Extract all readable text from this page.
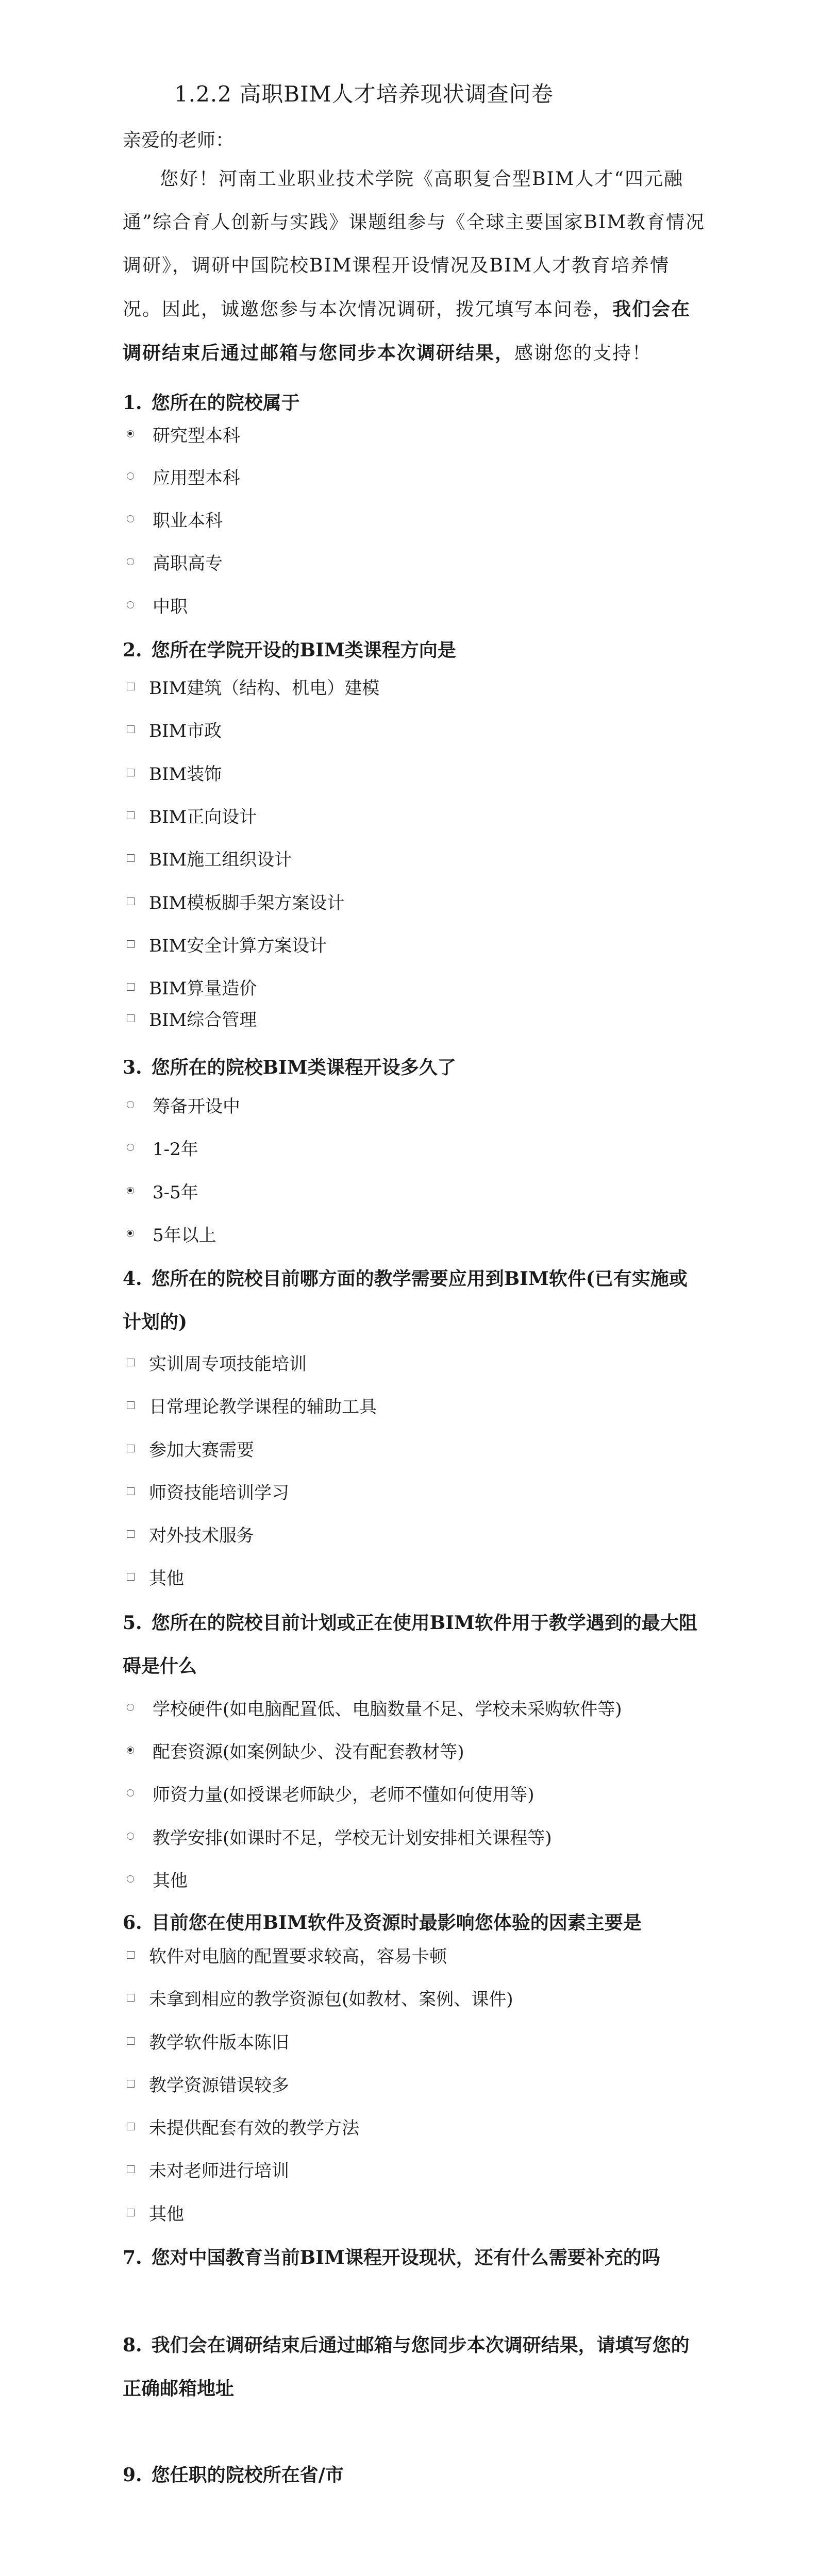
1.2.2 高职BIM人才培养现状调查问卷
亲爱的老师：
您好！河南工业职业技术学院《高职复合型BIM人才“四元融通”综合育人创新与实践》课题组参与《全球主要国家BIM教育情况调研》，调研中国院校BIM课程开设情况及BIM人才教育培养情况。因此，诚邀您参与本次情况调研，拨冗填写本问卷，我们会在调研结束后通过邮箱与您同步本次调研结果，感谢您的支持！
1. 您所在的院校属于
研究型本科
应用型本科
职业本科
高职高专
中职
2. 您所在学院开设的BIM类课程方向是
BIM建筑（结构、机电）建模
BIM市政
BIM装饰
BIM正向设计
BIM施工组织设计
BIM模板脚手架方案设计
BIM安全计算方案设计
BIM算量造价
BIM综合管理
3. 您所在的院校BIM类课程开设多久了
筹备开设中
1-2年
3-5年
5年以上
4. 您所在的院校目前哪方面的教学需要应用到BIM软件(已有实施或计划的)
实训周专项技能培训
日常理论教学课程的辅助工具
参加大赛需要
师资技能培训学习
对外技术服务
其他
5. 您所在的院校目前计划或正在使用BIM软件用于教学遇到的最大阻碍是什么
学校硬件(如电脑配置低、电脑数量不足、学校未采购软件等)
配套资源(如案例缺少、没有配套教材等)
师资力量(如授课老师缺少，老师不懂如何使用等)
教学安排(如课时不足，学校无计划安排相关课程等)
其他
6. 目前您在使用BIM软件及资源时最影响您体验的因素主要是
软件对电脑的配置要求较高，容易卡顿
未拿到相应的教学资源包(如教材、案例、课件)
教学软件版本陈旧
教学资源错误较多
未提供配套有效的教学方法
未对老师进行培训
其他
7. 您对中国教育当前BIM课程开设现状，还有什么需要补充的吗
8. 我们会在调研结束后通过邮箱与您同步本次调研结果，请填写您的正确邮箱地址
9. 您任职的院校所在省/市
